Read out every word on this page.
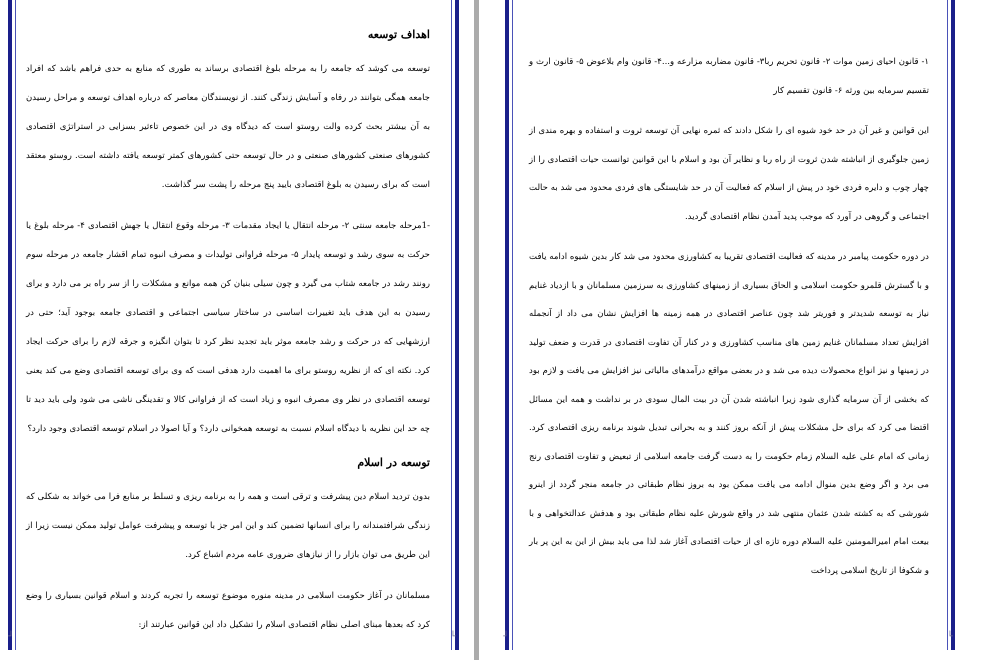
اهداف توسعه

توسعه می کوشد که جامعه را به مرحله بلوغ اقتصادی برساند به طوری که منابع به حدی فراهم باشد که افراد جامعه همگی بتوانند در رفاه و آسایش زندگی کنند. از نویسندگان معاصر که درباره اهداف توسعه و مراحل رسیدن به آن بیشتر بحث کرده والت روستو است که دیدگاه وی در این خصوص تاءثیر بسزایی در استراتژی اقتصادی کشورهای صنعتی کشورهای صنعتی و در حال توسعه حتی کشورهای کمتر توسعه یافته داشته است. روستو معتقد است که برای رسیدن به بلوغ اقتصادی بایید پنج مرحله را پشت سر گذاشت.

-1مرحله جامعه سنتی ۲- مرحله انتقال یا ایجاد مقدمات ۳- مرحله وقوع انتقال یا جهش اقتصادی ۴- مرحله بلوغ یا حرکت به سوی رشد و توسعه پایدار ۵- مرحله فراوانی تولیدات و مصرف انبوه تمام اقشار جامعه در مرحله سوم رونند رشد در جامعه شتاب می گیرد و چون سیلی بنیان کن همه موانع و مشکلات را از سر راه بر می دارد و برای رسیدن به این هدف باید تغییرات اساسی در ساختار سیاسی اجتماعی و اقتصادی جامعه بوجود آید؛ حتی در ارزشهایی که در حرکت و رشد جامعه موثر باید تجدید نظر کرد تا بتوان انگیزه و جرقه لازم را برای حرکت ایجاد کرد. نکته ای که از نظریه روستو برای ما اهمیت دارد هدفی است که وی برای توسعه اقتصادی وضع می کند یعنی توسعه اقتصادی در نظر وی مصرف انبوه و زیاد است که از فراوانی کالا و تقدینگی ناشی می شود ولی باید دید تا چه حد این نظریه با دیدگاه اسلام نسبت به توسعه همخوانی دارد؟ و آیا اصولا در اسلام توسعه اقتصادی وجود دارد؟

توسعه در اسلام

بدون تردید اسلام دین پیشرفت و ترقی است و همه را به برنامه ریزی و تسلط بر منابع فرا می خواند به شکلی که زندگی شرافتمندانه را برای انسانها تضمین کند و این امر جز با توسعه و پیشرفت عوامل تولید ممکن نیست زیرا از این طریق می توان بازار را از نیازهای ضروری عامه مردم اشباع کرد.

مسلمانان در آغاز حکومت اسلامی در مدینه منوره موضوع توسعه را تجربه کردند و اسلام قوانین بسیاری را وضع کرد که بعدها مبنای اصلی نظام اقتصادی اسلام را تشکیل داد این قوانین عبارتند از:

┘	└

۱- قانون احیای زمین موات ۲- قانون تحریم ربا۳- قانون مضاربه مزارعه و...۴- قانون وام بلاعوض ۵- قانون ارث و تقسیم سرمایه بین ورثه ۶- قانون تقسیم کار

این قوانین و غیر آن در حد خود شیوه ای را شکل دادند که ثمره نهایی آن توسعه ثروت و استفاده و بهره مندی از زمین جلوگیری از انباشته شدن ثروت از راه ربا و نظایر آن بود و اسلام با این قوانین توانست حیات اقتصادی را از چهار چوب و دایره فردی خود در پیش از اسلام که فعالیت آن در حد شایستگی های فردی محدود می شد به حالت اجتماعی و گروهی در آورد که موجب پدید آمدن نظام اقتصادی گردید.

در دوره حکومت پیامبر در مدینه که فعالیت اقتصادی تقریبا به کشاورزی محدود می شد کار بدین شیوه ادامه یافت و با گسترش قلمرو حکومت اسلامی و الحاق بسیاری از زمینهای کشاورزی به سرزمین مسلمانان و با ازدیاد غنایم نیاز به توسعه شدیدتر و فوریتر شد چون عناصر اقتصادی در همه زمینه ها افزایش نشان می داد از آنجمله افزایش تعداد مسلمانان غنایم زمین های مناسب کشاورزی و در کنار آن تفاوت اقتصادی در قدرت و ضعف تولید در زمینها و نیز انواع محصولات دیده می شد و در بعضی مواقع درآمدهای مالیاتی نیز افزایش می یافت و لازم بود که بخشی از آن سرمایه گذاری شود زیرا انباشته شدن آن در بیت المال سودی در بر نداشت و همه این مسائل اقتضا می کرد که برای حل مشکلات پیش از آنکه بروز کنند و به بحرانی تبدیل شوند برنامه ریزی اقتصادی کرد. زمانی که امام علی علیه السلام زمام حکومت را به دست گرفت جامعه اسلامی از تبعیض و تفاوت اقتصادی رنج می برد و اگر وضع بدین منوال ادامه می یافت ممکن بود به بروز نظام طبقاتی در جامعه منجر گردد از اینرو شورشی که به کشته شدن عثمان منتهی شد در واقع شورش علیه نظام طبقاتی بود و هدفش عدالتخواهی و با بیعت امام امیرالمومنین علیه السلام دوره تازه ای از حیات اقتصادی آغاز شد لذا می باید بیش از این به این پر بار و شکوفا از تاریخ اسلامی پرداخت

┘	└
